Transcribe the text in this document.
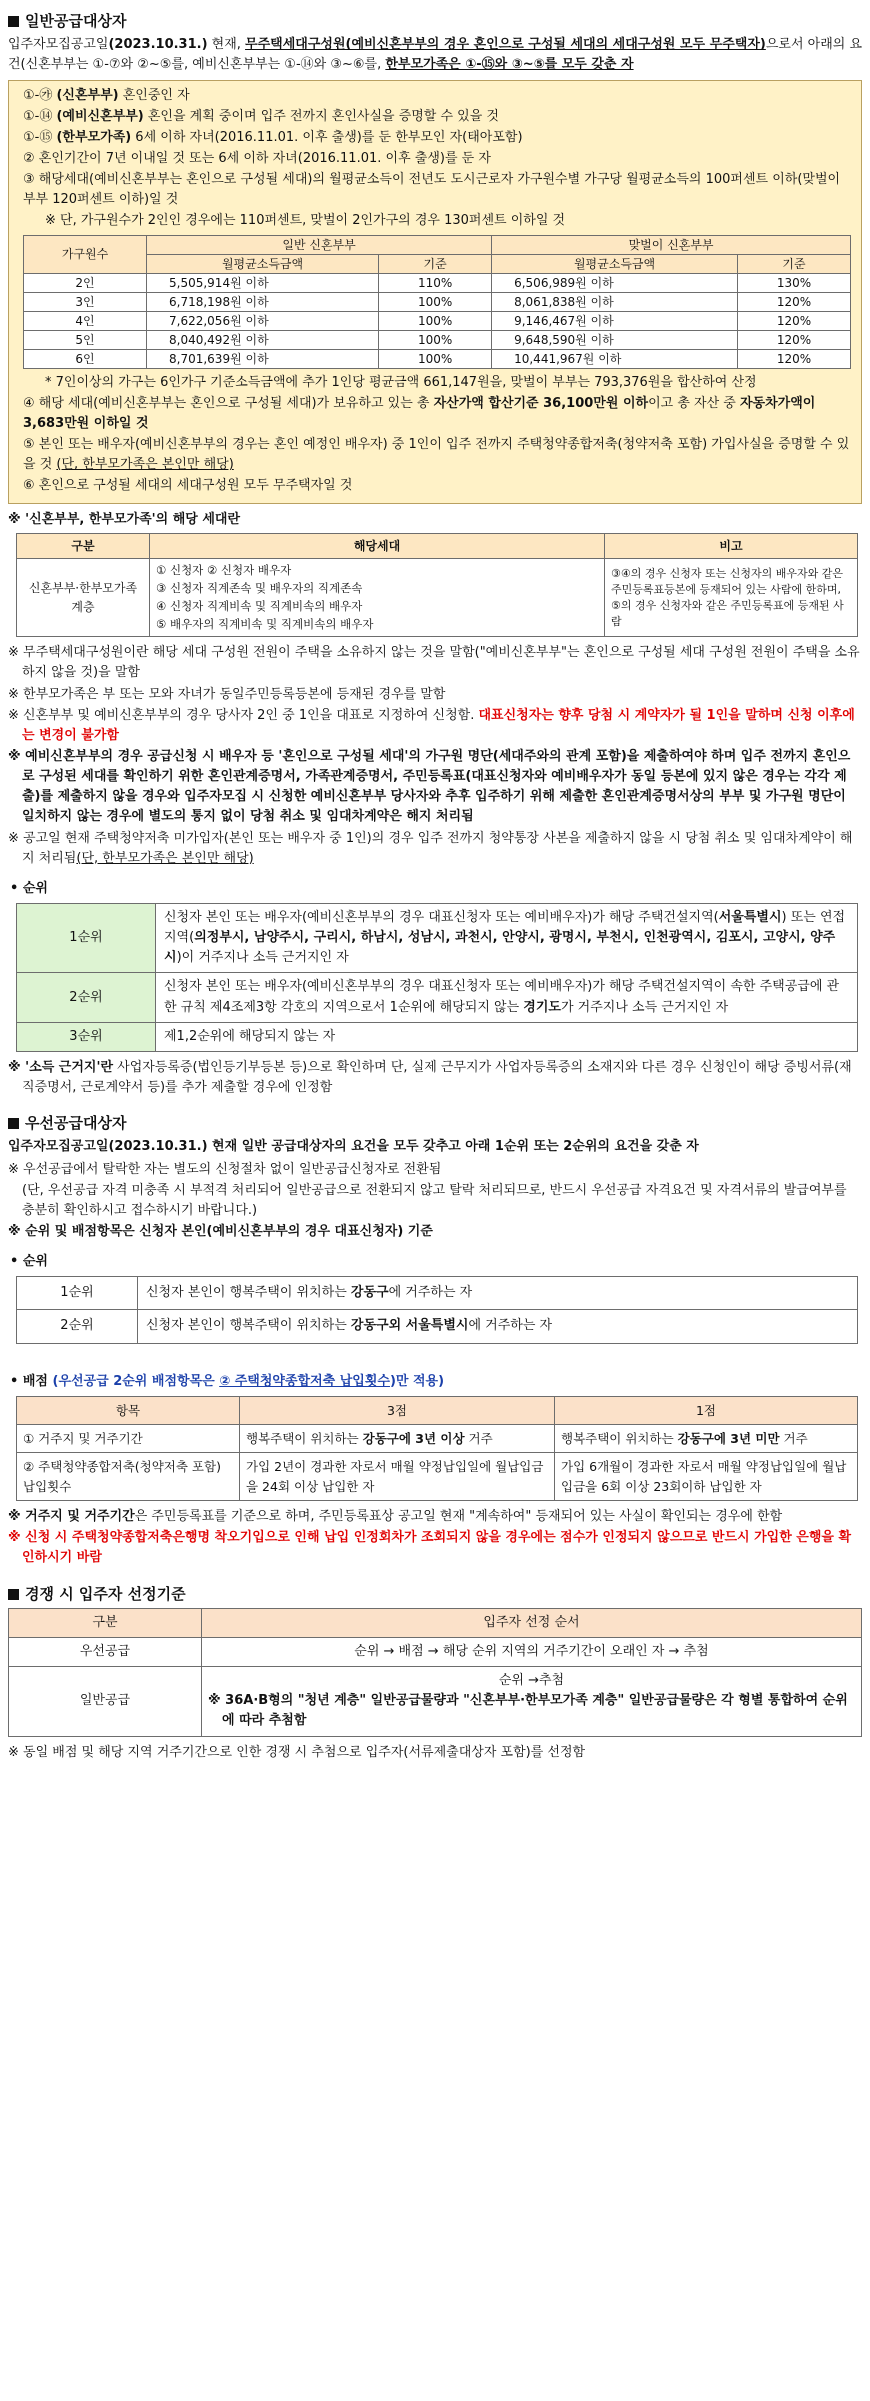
일반공급대상자
입주자모집공고일(2023.10.31.) 현재, 무주택세대구성원(예비신혼부부의 경우 혼인으로 구성될 세대의 세대구성원 모두 무주택자)으로서 아래의 요건(신혼부부는 ①-⑦와 ②~⑤를, 예비신혼부부는 ①-⑭와 ③~⑥를, 한부모가족은 ①-⑮와 ③~⑤를 모두 갖춘 자
①-㉮ (신혼부부) 혼인중인 자
①-⑭ (예비신혼부부) 혼인을 계획 중이며 입주 전까지 혼인사실을 증명할 수 있을 것
①-⑮ (한부모가족) 6세 이하 자녀(2016.11.01. 이후 출생)를 둔 한부모인 자(태아포함)
② 혼인기간이 7년 이내일 것 또는 6세 이하 자녀(2016.11.01. 이후 출생)를 둔 자
③ 해당세대(예비신혼부부는 혼인으로 구성될 세대)의 월평균소득이 전년도 도시근로자 가구원수별 가구당 월평균소득의 100퍼센트 이하(맞벌이 부부 120퍼센트 이하)일 것
※ 단, 가구원수가 2인인 경우에는 110퍼센트, 맞벌이 2인가구의 경우 130퍼센트 이하일 것
가구원수	일반 신혼부부		맞벌이 신혼부부	
	월평균소득금액	기준	월평균소득금액	기준
2인	5,505,914원 이하	110%	6,506,989원 이하	130%
3인	6,718,198원 이하	100%	8,061,838원 이하	120%
4인	7,622,056원 이하	100%	9,146,467원 이하	120%
5인	8,040,492원 이하	100%	9,648,590원 이하	120%
6인	8,701,639원 이하	100%	10,441,967원 이하	120%
* 7인이상의 가구는 6인가구 기준소득금액에 추가 1인당 평균금액 661,147원을, 맞벌이 부부는 793,376원을 합산하여 산정
④ 해당 세대(예비신혼부부는 혼인으로 구성될 세대)가 보유하고 있는 총 자산가액 합산기준 36,100만원 이하이고 총 자산 중 자동차가액이 3,683만원 이하일 것
⑤ 본인 또는 배우자(예비신혼부부의 경우는 혼인 예정인 배우자) 중 1인이 입주 전까지 주택청약종합저축(청약저축 포함) 가입사실을 증명할 수 있을 것 (단, 한부모가족은 본인만 해당)
⑥ 혼인으로 구성될 세대의 세대구성원 모두 무주택자일 것
※ '신혼부부, 한부모가족'의 해당 세대란
구분	해당세대	비고
신혼부부·한부모가족 계층	① 신청자 ② 신청자 배우자
③ 신청자 직계존속 및 배우자의 직계존속
④ 신청자 직계비속 및 직계비속의 배우자
⑤ 배우자의 직계비속 및 직계비속의 배우자	③④의 경우 신청자 또는 신청자의 배우자와 같은 주민등록표등본에 등재되어 있는 사람에 한하며, ⑤의 경우 신청자와 같은 주민등록표에 등재된 사람
※ 무주택세대구성원이란 해당 세대 구성원 전원이 주택을 소유하지 않는 것을 말함("예비신혼부부"는 혼인으로 구성될 세대 구성원 전원이 주택을 소유하지 않을 것)을 말함
※ 한부모가족은 부 또는 모와 자녀가 동일주민등록등본에 등재된 경우를 말함
※ 신혼부부 및 예비신혼부부의 경우 당사자 2인 중 1인을 대표로 지정하여 신청함. 대표신청자는 향후 당첨 시 계약자가 될 1인을 말하며 신청 이후에는 변경이 불가함
※ 예비신혼부부의 경우 공급신청 시 배우자 등 '혼인으로 구성될 세대'의 가구원 명단(세대주와의 관계 포함)을 제출하여야 하며 입주 전까지 혼인으로 구성된 세대를 확인하기 위한 혼인관계증명서, 가족관계증명서, 주민등록표(대표신청자와 예비배우자가 동일 등본에 있지 않은 경우는 각각 제출)를 제출하지 않을 경우와 입주자모집 시 신청한 예비신혼부부 당사자와 추후 입주하기 위해 제출한 혼인관계증명서상의 부부 및 가구원 명단이 일치하지 않는 경우에 별도의 통지 없이 당첨 취소 및 임대차계약은 해지 처리됨
※ 공고일 현재 주택청약저축 미가입자(본인 또는 배우자 중 1인)의 경우 입주 전까지 청약통장 사본을 제출하지 않을 시 당첨 취소 및 임대차계약이 해지 처리됨(단, 한부모가족은 본인만 해당)
• 순위
1순위	신청자 본인 또는 배우자(예비신혼부부의 경우 대표신청자 또는 예비배우자)가 해당 주택건설지역(서울특별시) 또는 연접지역(의정부시, 남양주시, 구리시, 하남시, 성남시, 과천시, 안양시, 광명시, 부천시, 인천광역시, 김포시, 고양시, 양주시)이 거주지나 소득 근거지인 자
2순위	신청자 본인 또는 배우자(예비신혼부부의 경우 대표신청자 또는 예비배우자)가 해당 주택건설지역이 속한 주택공급에 관한 규칙 제4조제3항 각호의 지역으로서 1순위에 해당되지 않는 경기도가 거주지나 소득 근거지인 자
3순위	제1,2순위에 해당되지 않는 자
※ '소득 근거지'란 사업자등록증(법인등기부등본 등)으로 확인하며 단, 실제 근무지가 사업자등록증의 소재지와 다른 경우 신청인이 해당 증빙서류(재직증명서, 근로계약서 등)를 추가 제출할 경우에 인정함
우선공급대상자
입주자모집공고일(2023.10.31.) 현재 일반 공급대상자의 요건을 모두 갖추고 아래 1순위 또는 2순위의 요건을 갖춘 자
※ 우선공급에서 탈락한 자는 별도의 신청절차 없이 일반공급신청자로 전환됨
(단, 우선공급 자격 미충족 시 부적격 처리되어 일반공급으로 전환되지 않고 탈락 처리되므로, 반드시 우선공급 자격요건 및 자격서류의 발급여부를 충분히 확인하시고 접수하시기 바랍니다.)
※ 순위 및 배점항목은 신청자 본인(예비신혼부부의 경우 대표신청자) 기준
• 순위
1순위	신청자 본인이 행복주택이 위치하는 강동구에 거주하는 자
2순위	신청자 본인이 행복주택이 위치하는 강동구외 서울특별시에 거주하는 자
• 배점 (우선공급 2순위 배점항목은 ② 주택청약종합저축 납입횟수)만 적용)
항목	3점	1점
① 거주지 및 거주기간	행복주택이 위치하는 강동구에 3년 이상 거주	행복주택이 위치하는 강동구에 3년 미만 거주
② 주택청약종합저축(청약저축 포함) 납입횟수	가입 2년이 경과한 자로서 매월 약정납입일에 월납입금을 24회 이상 납입한 자	가입 6개월이 경과한 자로서 매월 약정납입일에 월납입금을 6회 이상 23회이하 납입한 자
※ 거주지 및 거주기간은 주민등록표를 기준으로 하며, 주민등록표상 공고일 현재 "계속하여" 등재되어 있는 사실이 확인되는 경우에 한함
※ 신청 시 주택청약종합저축은행명 착오기입으로 인해 납입 인정회차가 조회되지 않을 경우에는 점수가 인정되지 않으므로 반드시 가입한 은행을 확인하시기 바람
경쟁 시 입주자 선정기준
구분	입주자 선정 순서
우선공급	순위 → 배점 → 해당 순위 지역의 거주기간이 오래인 자 → 추첨
일반공급	순위 →추첨
※ 36A·B형의 "청년 계층" 일반공급물량과 "신혼부부·한부모가족 계층" 일반공급물량은 각 형별 통합하여 순위에 따라 추첨함
※ 동일 배점 및 해당 지역 거주기간으로 인한 경쟁 시 추첨으로 입주자(서류제출대상자 포함)를 선정함
